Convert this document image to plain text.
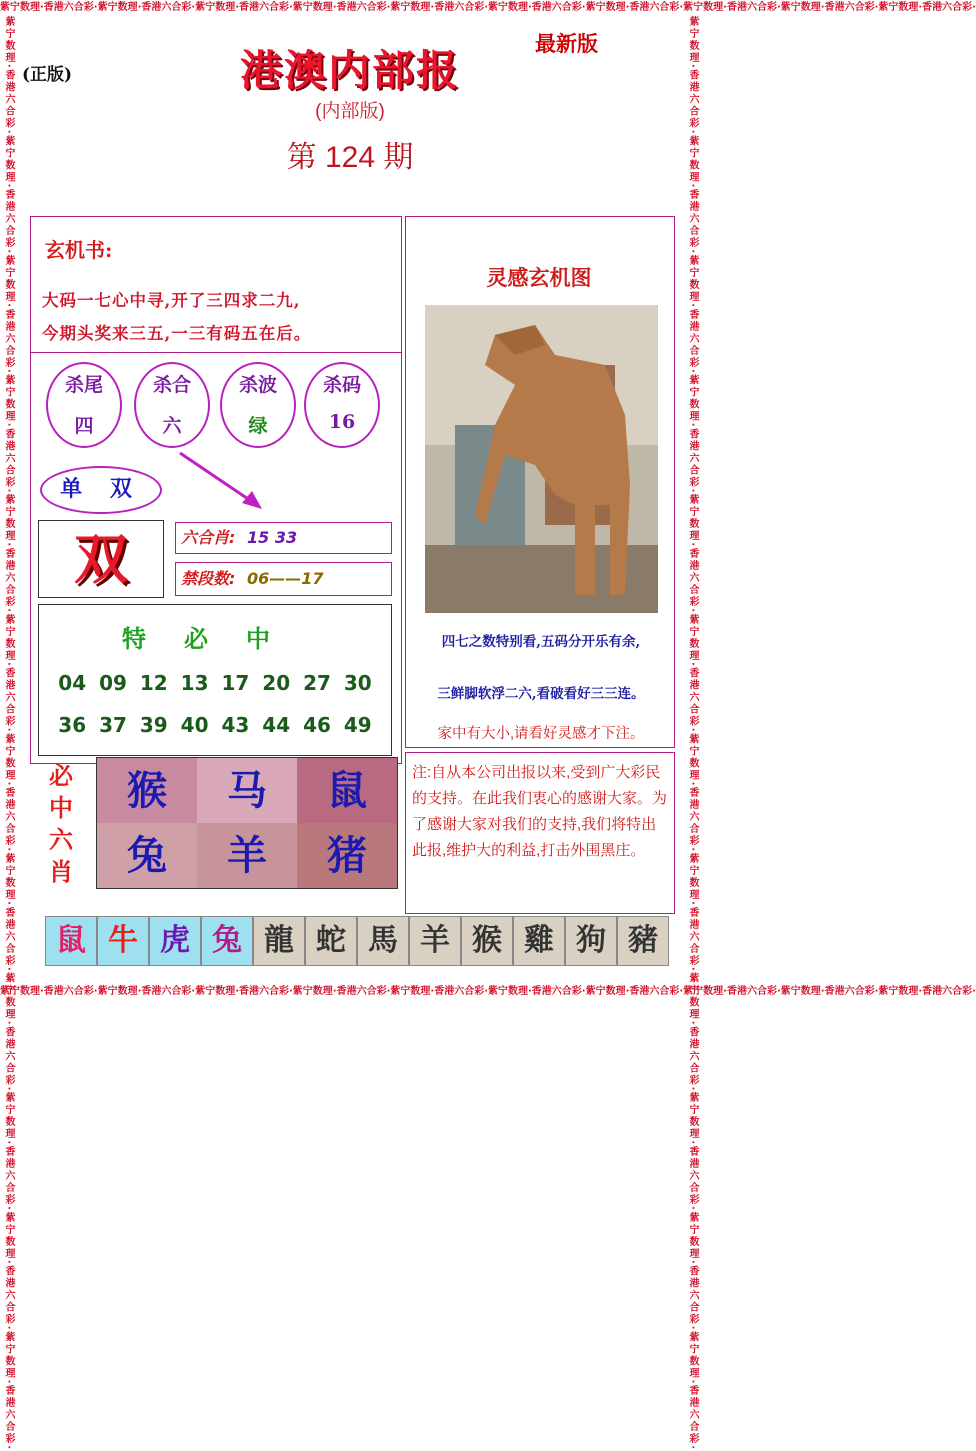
紫宁数理·香港六合彩·紫宁数理·香港六合彩·紫宁数理·香港六合彩·紫宁数理·香港六合彩·紫宁数理·香港六合彩·紫宁数理·香港六合彩·紫宁数理·香港六合彩·紫宁数理·香港六合彩·紫宁数理·香港六合彩·紫宁数理·香港六合彩·
紫宁数理·香港六合彩·紫宁数理·香港六合彩·紫宁数理·香港六合彩·紫宁数理·香港六合彩·紫宁数理·香港六合彩·紫宁数理·香港六合彩·紫宁数理·香港六合彩·紫宁数理·香港六合彩·紫宁数理·香港六合彩·紫宁数理·香港六合彩·
紫宁数理·香港六合彩·紫宁数理·香港六合彩·紫宁数理·香港六合彩·紫宁数理·香港六合彩·紫宁数理·香港六合彩·紫宁数理·香港六合彩·紫宁数理·香港六合彩·紫宁数理·香港六合彩·紫宁数理·香港六合彩·紫宁数理·香港六合彩·紫宁数理·香港六合彩·紫宁数理·香港六合彩·	紫宁数理·香港六合彩·紫宁数理·香港六合彩·紫宁数理·香港六合彩·紫宁数理·香港六合彩·紫宁数理·香港六合彩·紫宁数理·香港六合彩·紫宁数理·香港六合彩·紫宁数理·香港六合彩·紫宁数理·香港六合彩·紫宁数理·香港六合彩·紫宁数理·香港六合彩·紫宁数理·香港六合彩·
(正版)
最新版
港澳内部报
(内部版)
第 124 期
玄机书:
大码一七心中寻,开了三四求二九,
今期头奖来三五,一三有码五在后。
杀尾
四
杀合
六
杀波
绿
杀码
16
单 双
双	六合肖: 15 33
禁段数: 06——17
特必中
04 09 12 13 17 20 27 30
36 37 39 40 43 44 46 49
必
中
六
肖
猴	马	鼠
兔	羊	猪
灵感玄机图
四七之数特别看,五码分开乐有余,
三鲜脚软浮二六,看破看好三三连。
家中有大小,请看好灵感才下注。
注:自从本公司出报以来,受到广大彩民的支持。在此我们衷心的感谢大家。为了感谢大家对我们的支持,我们将特出此报,维护大的利益,打击外围黑庄。
鼠 牛 虎 兔 龍 蛇 馬 羊 猴 雞 狗 豬
